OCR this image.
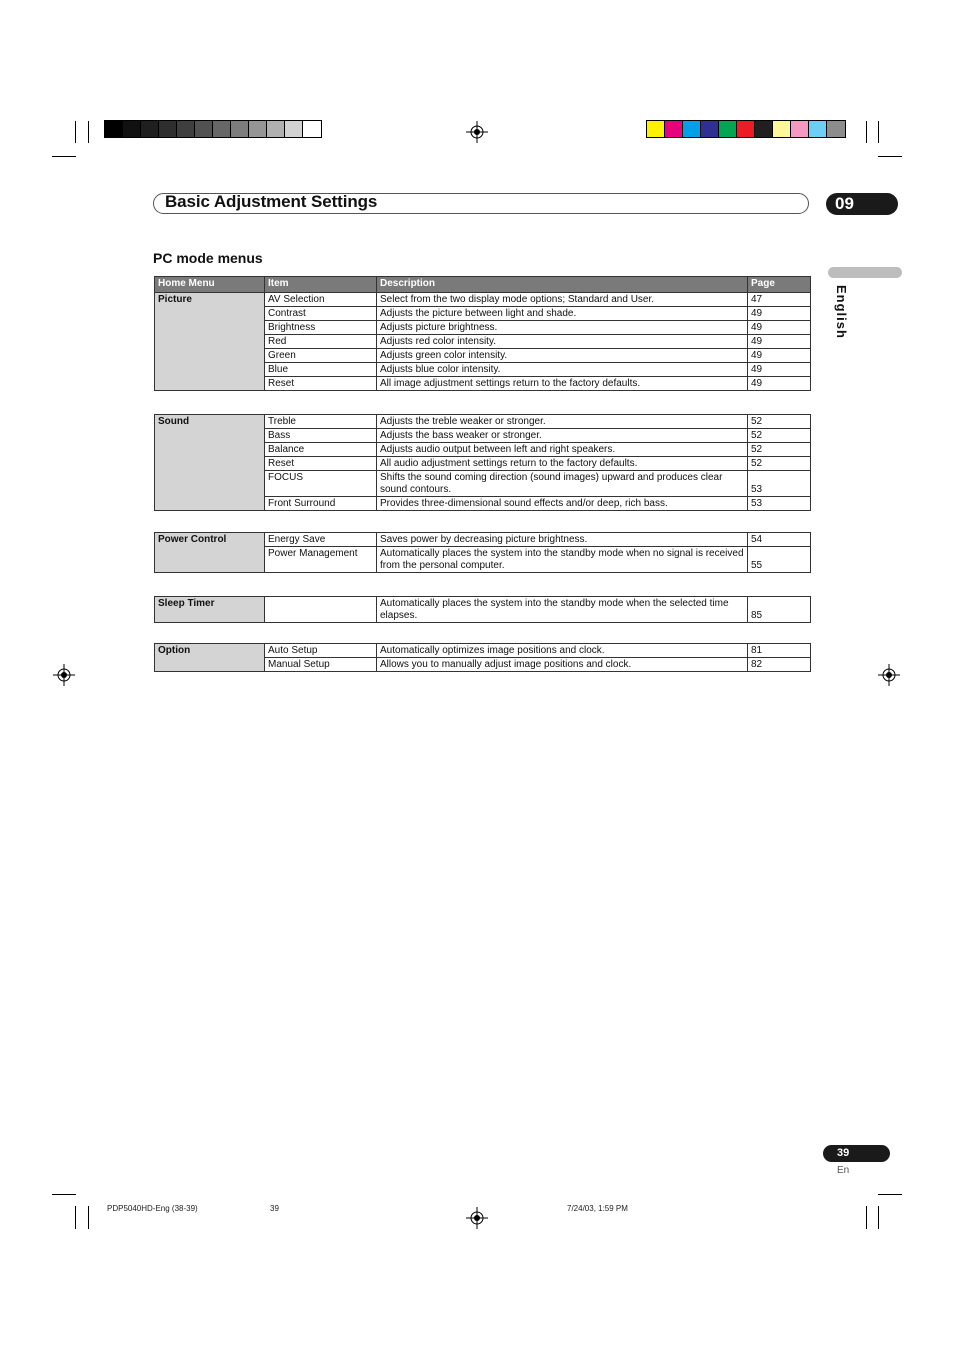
Basic Adjustment Settings	09
English
PC mode menus
Home Menu	Item	Description	Page
Picture	AV Selection	Select from the two display mode options; Standard and User.	47
	Contrast	Adjusts the picture between light and shade.	49
	Brightness	Adjusts picture brightness.	49
	Red	Adjusts red color intensity.	49
	Green	Adjusts green color intensity.	49
	Blue	Adjusts blue color intensity.	49
	Reset	All image adjustment settings return to the factory defaults.	49
Sound	Treble	Adjusts the treble weaker or stronger.	52
	Bass	Adjusts the bass weaker or stronger.	52
	Balance	Adjusts audio output between left and right speakers.	52
	Reset	All audio adjustment settings return to the factory defaults.	52
	FOCUS	Shifts the sound coming direction (sound images) upward and produces clear sound contours.	53
	Front Surround	Provides three-dimensional sound effects and/or deep, rich bass.	53
Power Control	Energy Save	Saves power by decreasing picture brightness.	54
	Power Management	Automatically places the system into the standby mode when no signal is received from the personal computer.	55
Sleep Timer		Automatically places the system into the standby mode when the selected time elapses.	85
Option	Auto Setup	Automatically optimizes image positions and clock.	81
	Manual Setup	Allows you to manually adjust image positions and clock.	82
39
En
PDP5040HD-Eng (38-39)	39	7/24/03, 1:59 PM
